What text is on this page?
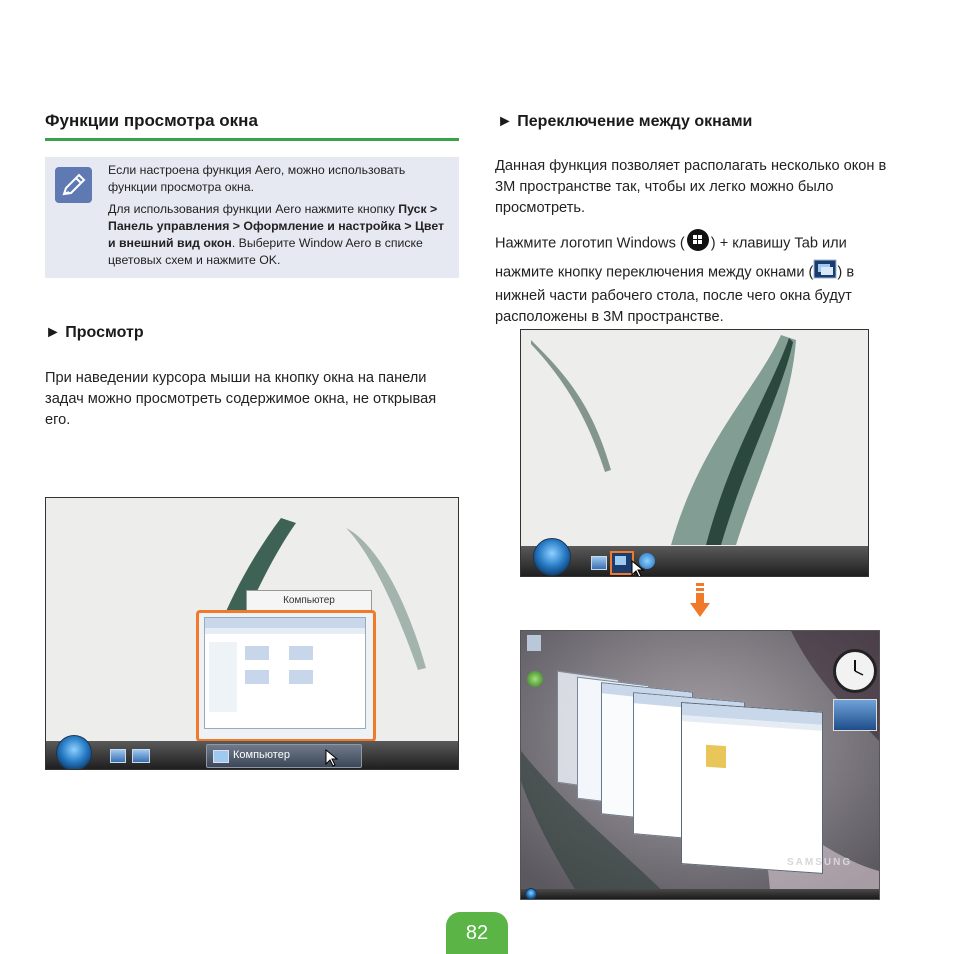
Функции просмотра окна

Если настроена функция Aero, можно использовать функции просмотра окна.

Для использования функции Aero нажмите кнопку Пуск > Панель управления > Оформление и настройка > Цвет и внешний вид окон. Выберите Window Aero в списке цветовых схем и нажмите OK.

► Просмотр

При наведении курсора мыши на кнопку окна на панели задач можно просмотреть содержимое окна, не открывая его.

Компьютер
Компьютер
► Переключение между окнами

Данная функция позволяет располагать несколько окон в 3M пространстве так, чтобы их легко можно было просмотреть.

Нажмите логотип Windows ( ) + клавишу Tab или нажмите кнопку переключения между окнами ( ) в нижней части рабочего стола, после чего окна будут расположены в 3M пространстве.

SAMSUNG
82
